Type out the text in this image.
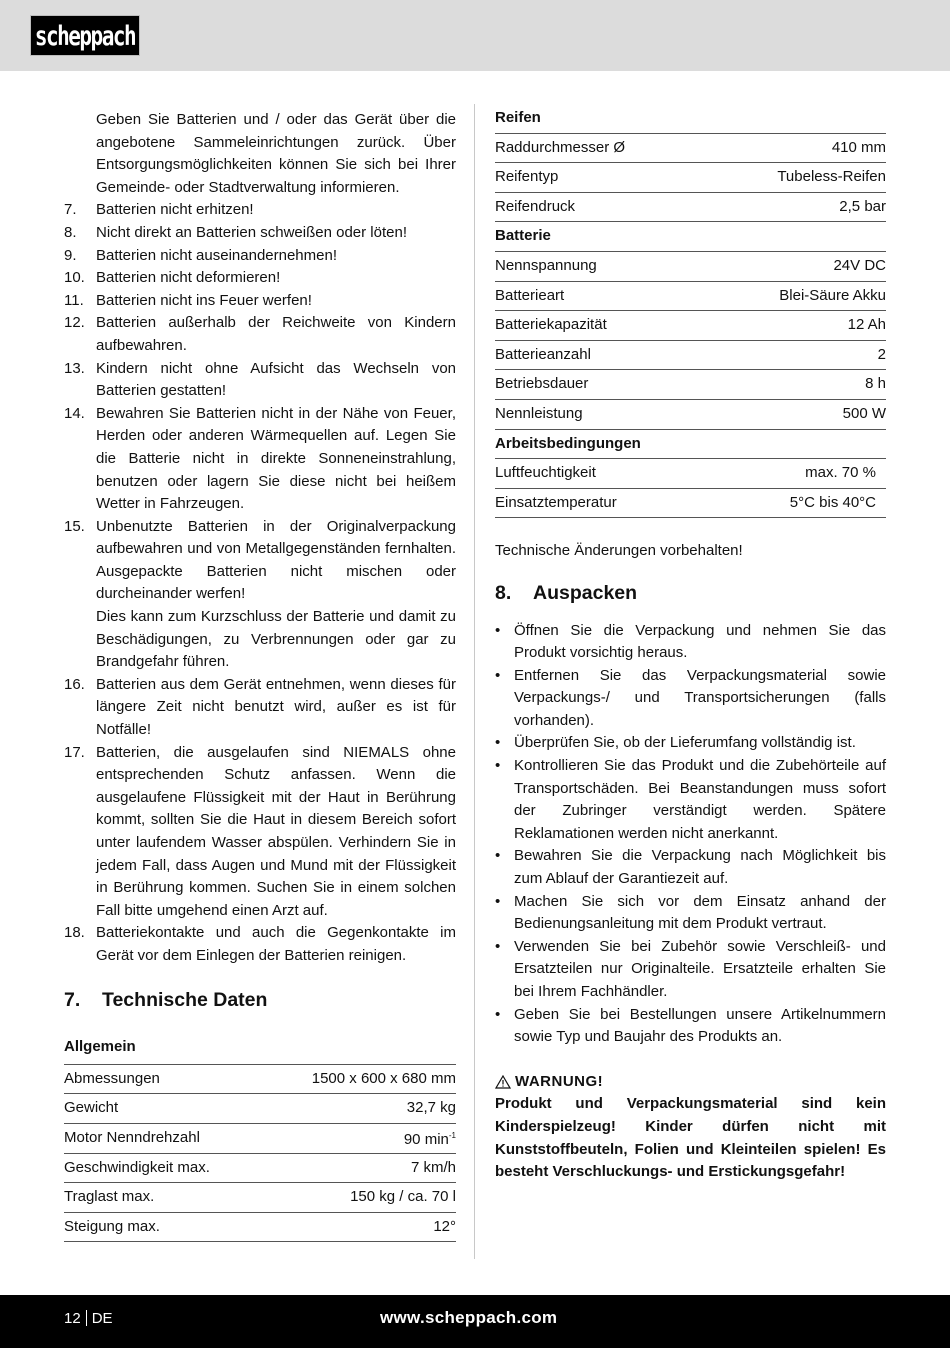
scheppach

Geben Sie Batterien und / oder das Gerät über die angebotene Sammeleinrichtungen zurück. Über Entsorgungsmöglichkeiten können Sie sich bei Ihrer Gemeinde- oder Stadtverwaltung informieren.

7. Batterien nicht erhitzen!
8. Nicht direkt an Batterien schweißen oder löten!
9. Batterien nicht auseinandernehmen!
10. Batterien nicht deformieren!
11. Batterien nicht ins Feuer werfen!
12. Batterien außerhalb der Reichweite von Kindern aufbewahren.
13. Kindern nicht ohne Aufsicht das Wechseln von Batterien gestatten!
14. Bewahren Sie Batterien nicht in der Nähe von Feuer, Herden oder anderen Wärmequellen auf. Legen Sie die Batterie nicht in direkte Sonneneinstrahlung, benutzen oder lagern Sie diese nicht bei heißem Wetter in Fahrzeugen.
15. Unbenutzte Batterien in der Originalverpackung aufbewahren und von Metallgegenständen fernhalten. Ausgepackte Batterien nicht mischen oder durcheinander werfen!
Dies kann zum Kurzschluss der Batterie und damit zu Beschädigungen, zu Verbrennungen oder gar zu Brandgefahr führen.
16. Batterien aus dem Gerät entnehmen, wenn dieses für längere Zeit nicht benutzt wird, außer es ist für Notfälle!
17. Batterien, die ausgelaufen sind NIEMALS ohne entsprechenden Schutz anfassen. Wenn die ausgelaufene Flüssigkeit mit der Haut in Berührung kommt, sollten Sie die Haut in diesem Bereich sofort unter laufendem Wasser abspülen. Verhindern Sie in jedem Fall, dass Augen und Mund mit der Flüssigkeit in Berührung kommen. Suchen Sie in einem solchen Fall bitte umgehend einen Arzt auf.
18. Batteriekontakte und auch die Gegenkontakte im Gerät vor dem Einlegen der Batterien reinigen.
7.	Technische Daten
Allgemein
Abmessungen	1500 x 600 x 680 mm
Gewicht	32,7 kg
Motor Nenndrehzahl	90 $\min^{-1}$
Geschwindigkeit max.	7 km/h
Traglast max.	150 kg / ca. 70 l
Steigung max.	12°
Reifen
Raddurchmesser Ø	410 mm
Reifentyp	Tubeless-Reifen
Reifendruck	2,5 bar
Batterie	
Nennspannung	24V DC
Batterieart	Blei-Säure Akku
Batteriekapazität	12 Ah
Batterieanzahl	2
Betriebsdauer	8 h
Nennleistung	500 W
Arbeitsbedingungen	
Luftfeuchtigkeit	max. 70 %
Einsatztemperatur	5°C bis 40°C

Technische Änderungen vorbehalten!

8.	Auspacken
• Öffnen Sie die Verpackung und nehmen Sie das Produkt vorsichtig heraus.
• Entfernen Sie das Verpackungsmaterial sowie Verpackungs-/ und Transportsicherungen (falls vorhanden).
• Überprüfen Sie, ob der Lieferumfang vollständig ist.
• Kontrollieren Sie das Produkt und die Zubehörteile auf Transportschäden. Bei Beanstandungen muss sofort der Zubringer verständigt werden. Spätere Reklamationen werden nicht anerkannt.
• Bewahren Sie die Verpackung nach Möglichkeit bis zum Ablauf der Garantiezeit auf.
• Machen Sie sich vor dem Einsatz anhand der Bedienungsanleitung mit dem Produkt vertraut.
• Verwenden Sie bei Zubehör sowie Verschleiß- und Ersatzteilen nur Originalteile. Ersatzteile erhalten Sie bei Ihrem Fachhändler.
• Geben Sie bei Bestellungen unsere Artikelnummern sowie Typ und Baujahr des Produkts an.
WARNUNG!

Produkt und Verpackungsmaterial sind kein Kinderspielzeug! Kinder dürfen nicht mit Kunststoffbeuteln, Folien und Kleinteilen spielen! Es besteht Verschluckungs- und Erstickungsgefahr!

12 DE	www.scheppach.com
